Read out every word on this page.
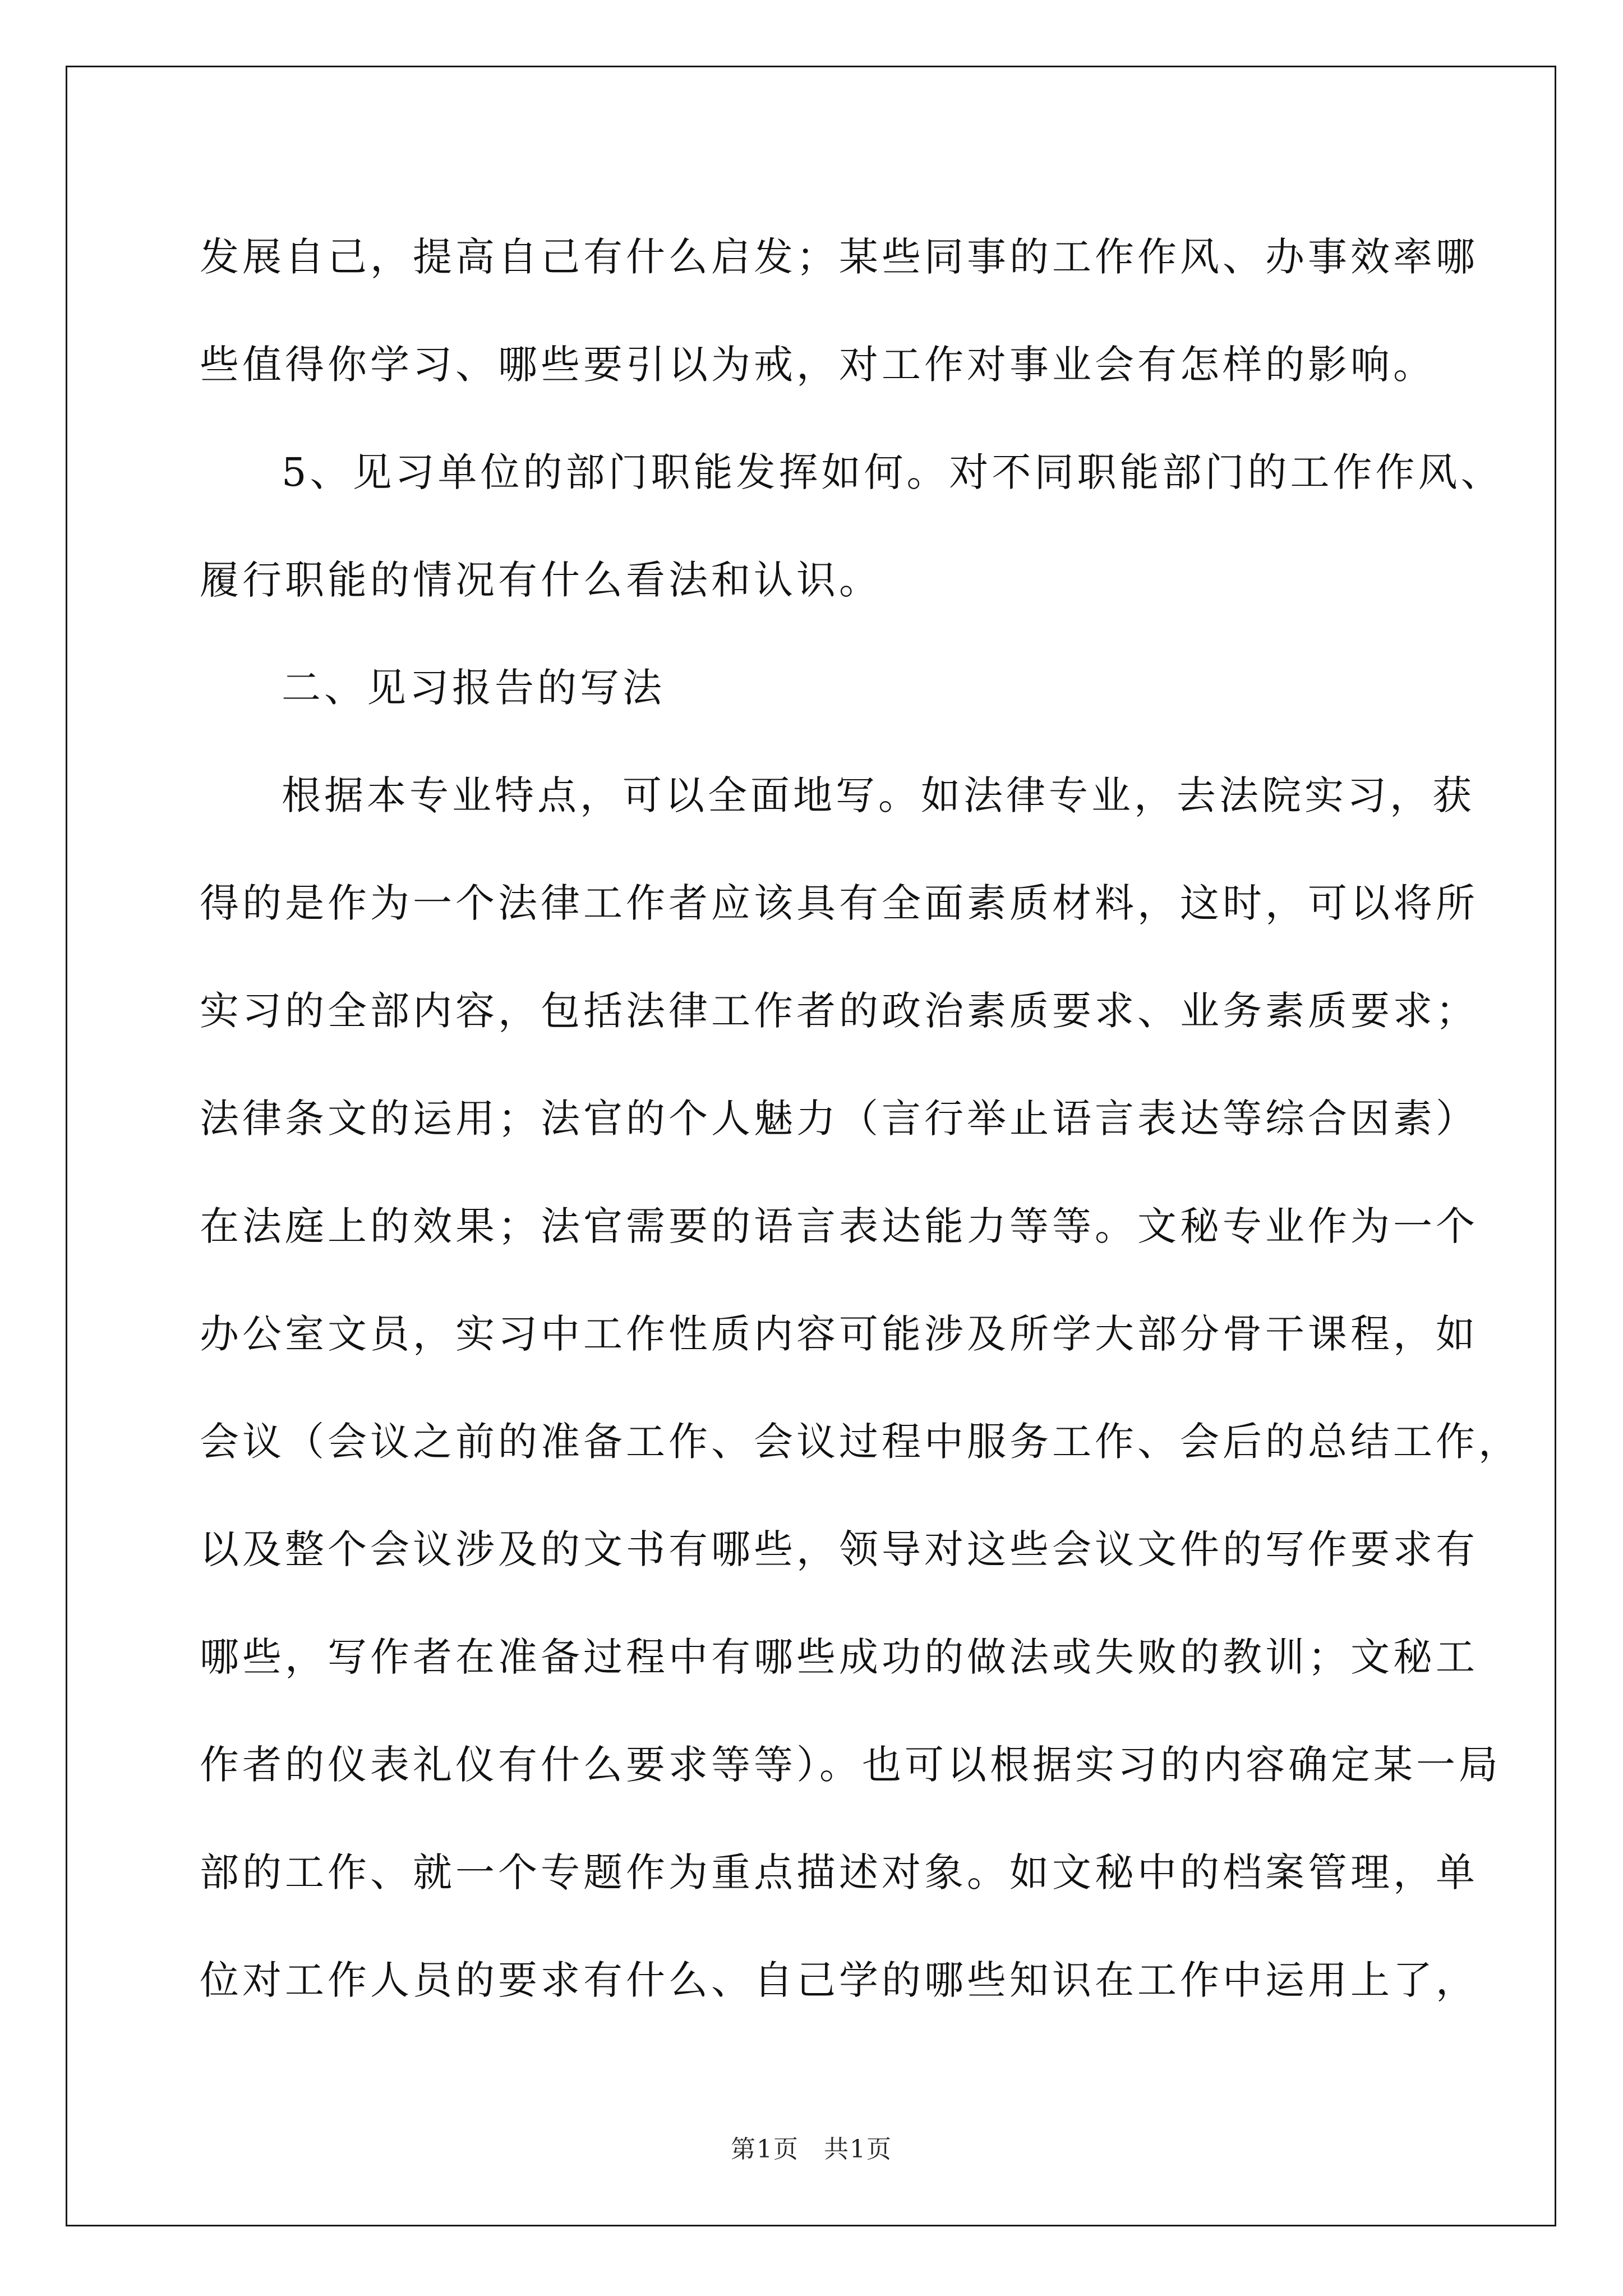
发展自己，提高自己有什么启发；某些同事的工作作风、办事效率哪
些值得你学习、哪些要引以为戒，对工作对事业会有怎样的影响。
5、见习单位的部门职能发挥如何。对不同职能部门的工作作风、
履行职能的情况有什么看法和认识。
二、见习报告的写法
根据本专业特点，可以全面地写。如法律专业，去法院实习，获
得的是作为一个法律工作者应该具有全面素质材料，这时，可以将所
实习的全部内容，包括法律工作者的政治素质要求、业务素质要求；
法律条文的运用；法官的个人魅力（言行举止语言表达等综合因素）
在法庭上的效果；法官需要的语言表达能力等等。文秘专业作为一个
办公室文员，实习中工作性质内容可能涉及所学大部分骨干课程，如
会议（会议之前的准备工作、会议过程中服务工作、会后的总结工作，
以及整个会议涉及的文书有哪些，领导对这些会议文件的写作要求有
哪些，写作者在准备过程中有哪些成功的做法或失败的教训；文秘工
作者的仪表礼仪有什么要求等等）。也可以根据实习的内容确定某一局
部的工作、就一个专题作为重点描述对象。如文秘中的档案管理，单
位对工作人员的要求有什么、自己学的哪些知识在工作中运用上了，
第1页 共1页
